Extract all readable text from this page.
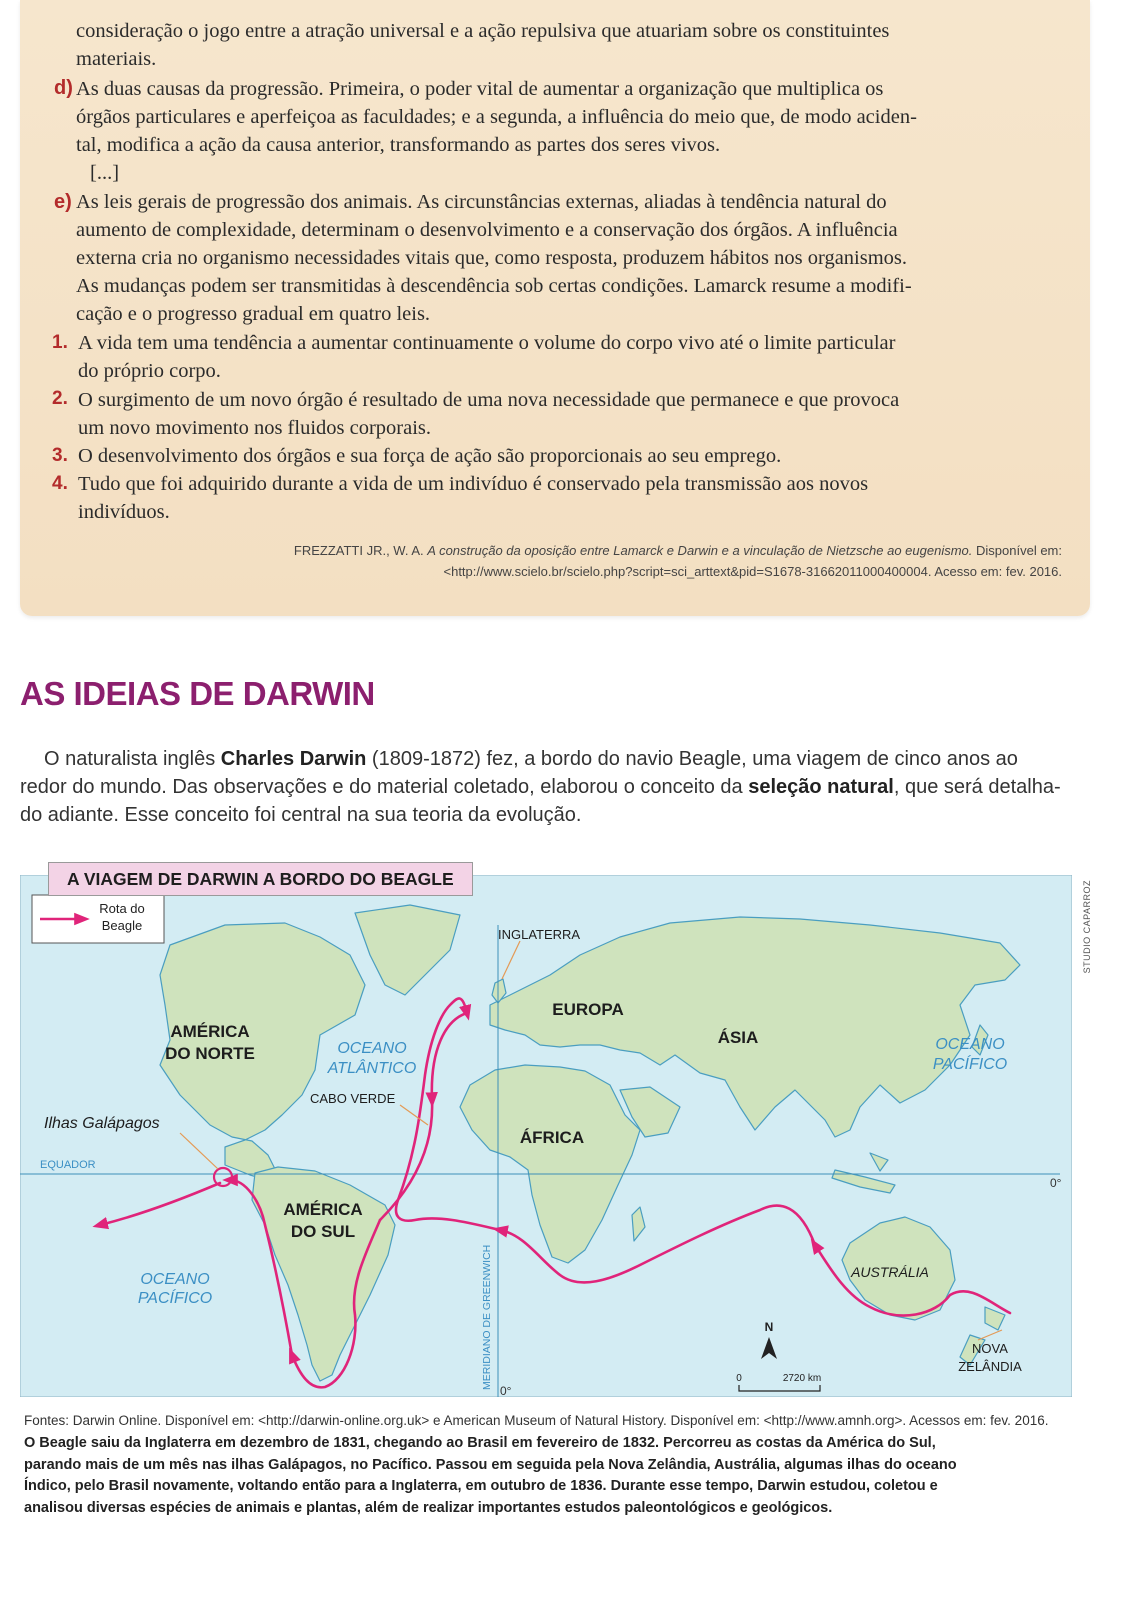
consideração o jogo entre a atração universal e a ação repulsiva que atuariam sobre os constituintes
materiais.
d) As duas causas da progressão. Primeira, o poder vital de aumentar a organização que multiplica os
órgãos particulares e aperfeiçoa as faculdades; e a segunda, a influência do meio que, de modo aciden-
tal, modifica a ação da causa anterior, transformando as partes dos seres vivos.
[...]
e) As leis gerais de progressão dos animais. As circunstâncias externas, aliadas à tendência natural do
aumento de complexidade, determinam o desenvolvimento e a conservação dos órgãos. A influência
externa cria no organismo necessidades vitais que, como resposta, produzem hábitos nos organismos.
As mudanças podem ser transmitidas à descendência sob certas condições. Lamarck resume a modifi-
cação e o progresso gradual em quatro leis.
1. A vida tem uma tendência a aumentar continuamente o volume do corpo vivo até o limite particular
do próprio corpo.
2. O surgimento de um novo órgão é resultado de uma nova necessidade que permanece e que provoca
um novo movimento nos fluidos corporais.
3. O desenvolvimento dos órgãos e sua força de ação são proporcionais ao seu emprego.
4. Tudo que foi adquirido durante a vida de um indivíduo é conservado pela transmissão aos novos
indivíduos.
FREZZATTI JR., W. A. A construção da oposição entre Lamarck e Darwin e a vinculação de Nietzsche ao eugenismo. Disponível em:
<http://www.scielo.br/scielo.php?script=sci_arttext&pid=S1678-31662011000400004. Acesso em: fev. 2016.
AS IDEIAS DE DARWIN
O naturalista inglês Charles Darwin (1809-1872) fez, a bordo do navio Beagle, uma viagem de cinco anos ao
redor do mundo. Das observações e do material coletado, elaborou o conceito da seleção natural, que será detalha-
do adiante. Esse conceito foi central na sua teoria da evolução.
A VIAGEM DE DARWIN A BORDO DO BEAGLE
STUDIO CAPARROZ
Rota do
Beagle
AMÉRICA
DO NORTE
AMÉRICA
DO SUL
EUROPA
ÁSIA
ÁFRICA
AUSTRÁLIA
OCEANO
ATLÂNTICO
OCEANO
PACÍFICO
OCEANO
PACÍFICO
INGLATERRA
CABO VERDE
NOVA
ZELÂNDIA
Ilhas Galápagos
EQUADOR
0°
0°
MERIDIANO DE GREENWICH	N
0	2720 km
Fontes: Darwin Online. Disponível em: <http://darwin-online.org.uk> e American Museum of Natural History. Disponível em: <http://www.amnh.org>. Acessos em: fev. 2016.
O Beagle saiu da Inglaterra em dezembro de 1831, chegando ao Brasil em fevereiro de 1832. Percorreu as costas da América do Sul,
parando mais de um mês nas ilhas Galápagos, no Pacífico. Passou em seguida pela Nova Zelândia, Austrália, algumas ilhas do oceano
Índico, pelo Brasil novamente, voltando então para a Inglaterra, em outubro de 1836. Durante esse tempo, Darwin estudou, coletou e
analisou diversas espécies de animais e plantas, além de realizar importantes estudos paleontológicos e geológicos.
